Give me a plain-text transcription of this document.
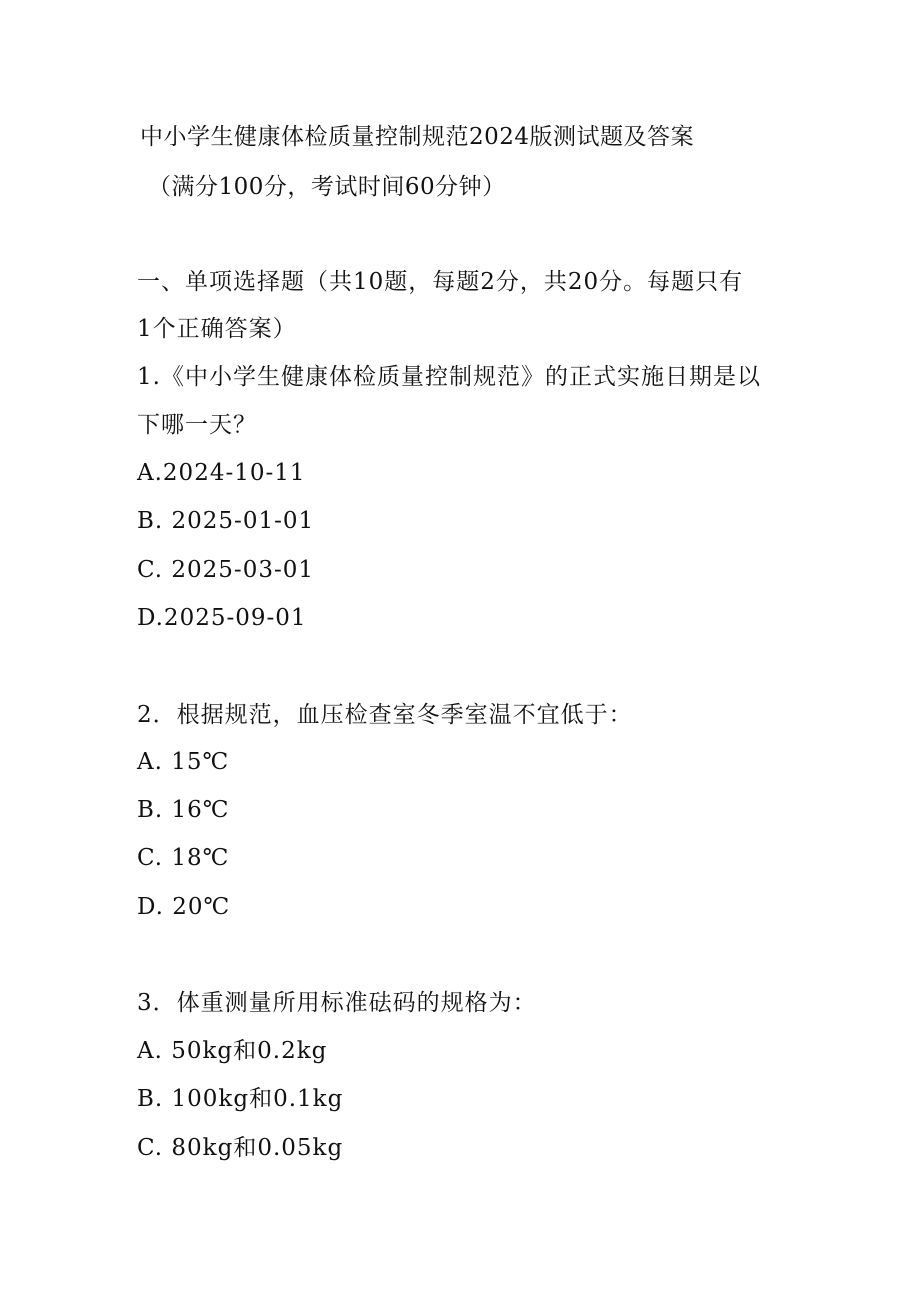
中小学生健康体检质量控制规范2024版测试题及答案
（满分100分，考试时间60分钟）
一、单项选择题（共10题，每题2分，共20分。每题只有
1个正确答案）
1.《中小学生健康体检质量控制规范》的正式实施日期是以
下哪一天？
A.2024-10-11
B. 2025-01-01
C. 2025-03-01
D.2025-09-01
2．根据规范，血压检查室冬季室温不宜低于：
A. 15℃
B. 16℃
C. 18℃
D. 20℃
3．体重测量所用标准砝码的规格为：
A. 50kg和0.2kg
B. 100kg和0.1kg
C. 80kg和0.05kg
